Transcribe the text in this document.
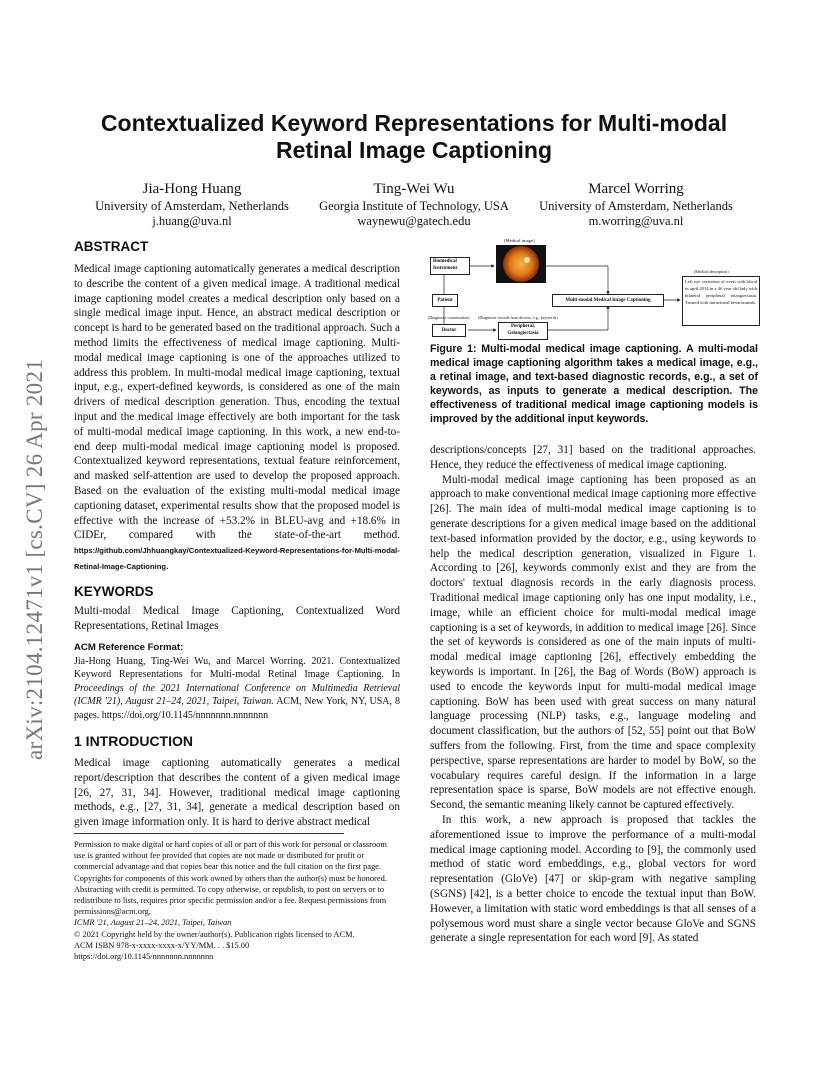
arXiv:2104.12471v1 [cs.CV] 26 Apr 2021
Contextualized Keyword Representations for Multi-modal Retinal Image Captioning
Jia-Hong Huang
University of Amsterdam, Netherlands
j.huang@uva.nl
Ting-Wei Wu
Georgia Institute of Technology, USA
waynewu@gatech.edu
Marcel Worring
University of Amsterdam, Netherlands
m.worring@uva.nl
ABSTRACT
Medical image captioning automatically generates a medical description to describe the content of a given medical image. A traditional medical image captioning model creates a medical description only based on a single medical image input. Hence, an abstract medical description or concept is hard to be generated based on the traditional approach. Such a method limits the effectiveness of medical image captioning. Multi-modal medical image captioning is one of the approaches utilized to address this problem. In multi-modal medical image captioning, textual input, e.g., expert-defined keywords, is considered as one of the main drivers of medical description generation. Thus, encoding the textual input and the medical image effectively are both important for the task of multi-modal medical image captioning. In this work, a new end-to-end deep multi-modal medical image captioning model is proposed. Contextualized keyword representations, textual feature reinforcement, and masked self-attention are used to develop the proposed approach. Based on the evaluation of the existing multi-modal medical image captioning dataset, experimental results show that the proposed model is effective with the increase of +53.2% in BLEU-avg and +18.6% in CIDEr, compared with the state-of-the-art method. https://github.com/Jhhuangkay/Contextualized-Keyword-Representations-for-Multi-modal-Retinal-Image-Captioning.
KEYWORDS
Multi-modal Medical Image Captioning, Contextualized Word Representations, Retinal Images
ACM Reference Format:
Jia-Hong Huang, Ting-Wei Wu, and Marcel Worring. 2021. Contextualized Keyword Representations for Multi-modal Retinal Image Captioning. In Proceedings of the 2021 International Conference on Multimedia Retrieval (ICMR '21), August 21–24, 2021, Taipei, Taiwan. ACM, New York, NY, USA, 8 pages. https://doi.org/10.1145/nnnnnnn.nnnnnnn
1 INTRODUCTION
Medical image captioning automatically generates a medical report/description that describes the content of a given medical image [26, 27, 31, 34]. However, traditional medical image captioning methods, e.g., [27, 31, 34], generate a medical description based on given image information only. It is hard to derive abstract medical
Permission to make digital or hard copies of all or part of this work for personal or classroom use is granted without fee provided that copies are not made or distributed for profit or commercial advantage and that copies bear this notice and the full citation on the first page. Copyrights for components of this work owned by others than the author(s) must be honored. Abstracting with credit is permitted. To copy otherwise, or republish, to post on servers or to redistribute to lists, requires prior specific permission and/or a fee. Request permissions from permissions@acm.org.
ICMR '21, August 21–24, 2021, Taipei, Taiwan
© 2021 Copyright held by the owner/author(s). Publication rights licensed to ACM.
ACM ISBN 978-x-xxxx-xxxx-x/YY/MM. . . $15.00
https://doi.org/10.1145/nnnnnnn.nnnnnnn
Biomedical Instrument
(Medical image)
Patient
(Diagnostic conversation) (Diagnostic records from doctors, e.g., keywords)
Doctor
Peripheral, Gelangiectasia
Multi-modal Medical Image Captioning
(Medical description)
Left eye cavitation of uveis with blood in april 2014 in a 46 year old lady with bilateral peripheral telangiectasia. Treated with intravitreal bevacizumab.
Figure 1: Multi-modal medical image captioning. A multi-modal medical image captioning algorithm takes a medical image, e.g., a retinal image, and text-based diagnostic records, e.g., a set of keywords, as inputs to generate a medical description. The effectiveness of traditional medical image captioning models is improved by the additional input keywords.
descriptions/concepts [27, 31] based on the traditional approaches. Hence, they reduce the effectiveness of medical image captioning.
Multi-modal medical image captioning has been proposed as an approach to make conventional medical image captioning more effective [26]. The main idea of multi-modal medical image captioning is to generate descriptions for a given medical image based on the additional text-based information provided by the doctor, e.g., using keywords to help the medical description generation, visualized in Figure 1. According to [26], keywords commonly exist and they are from the doctors' textual diagnosis records in the early diagnosis process. Traditional medical image captioning only has one input modality, i.e., image, while an efficient choice for multi-modal medical image captioning is a set of keywords, in addition to medical image [26]. Since the set of keywords is considered as one of the main inputs of multi-modal medical image captioning [26], effectively embedding the keywords is important. In [26], the Bag of Words (BoW) approach is used to encode the keywords input for multi-modal medical image captioning. BoW has been used with great success on many natural language processing (NLP) tasks, e.g., language modeling and document classification, but the authors of [52, 55] point out that BoW suffers from the following. First, from the time and space complexity perspective, sparse representations are harder to model by BoW, so the vocabulary requires careful design. If the information in a large representation space is sparse, BoW models are not effective enough. Second, the semantic meaning likely cannot be captured effectively.
In this work, a new approach is proposed that tackles the aforementioned issue to improve the performance of a multi-modal medical image captioning model. According to [9], the commonly used method of static word embeddings, e.g., global vectors for word representation (GloVe) [47] or skip-gram with negative sampling (SGNS) [42], is a better choice to encode the textual input than BoW. However, a limitation with static word embeddings is that all senses of a polysemous word must share a single vector because GloVe and SGNS generate a single representation for each word [9]. As stated
